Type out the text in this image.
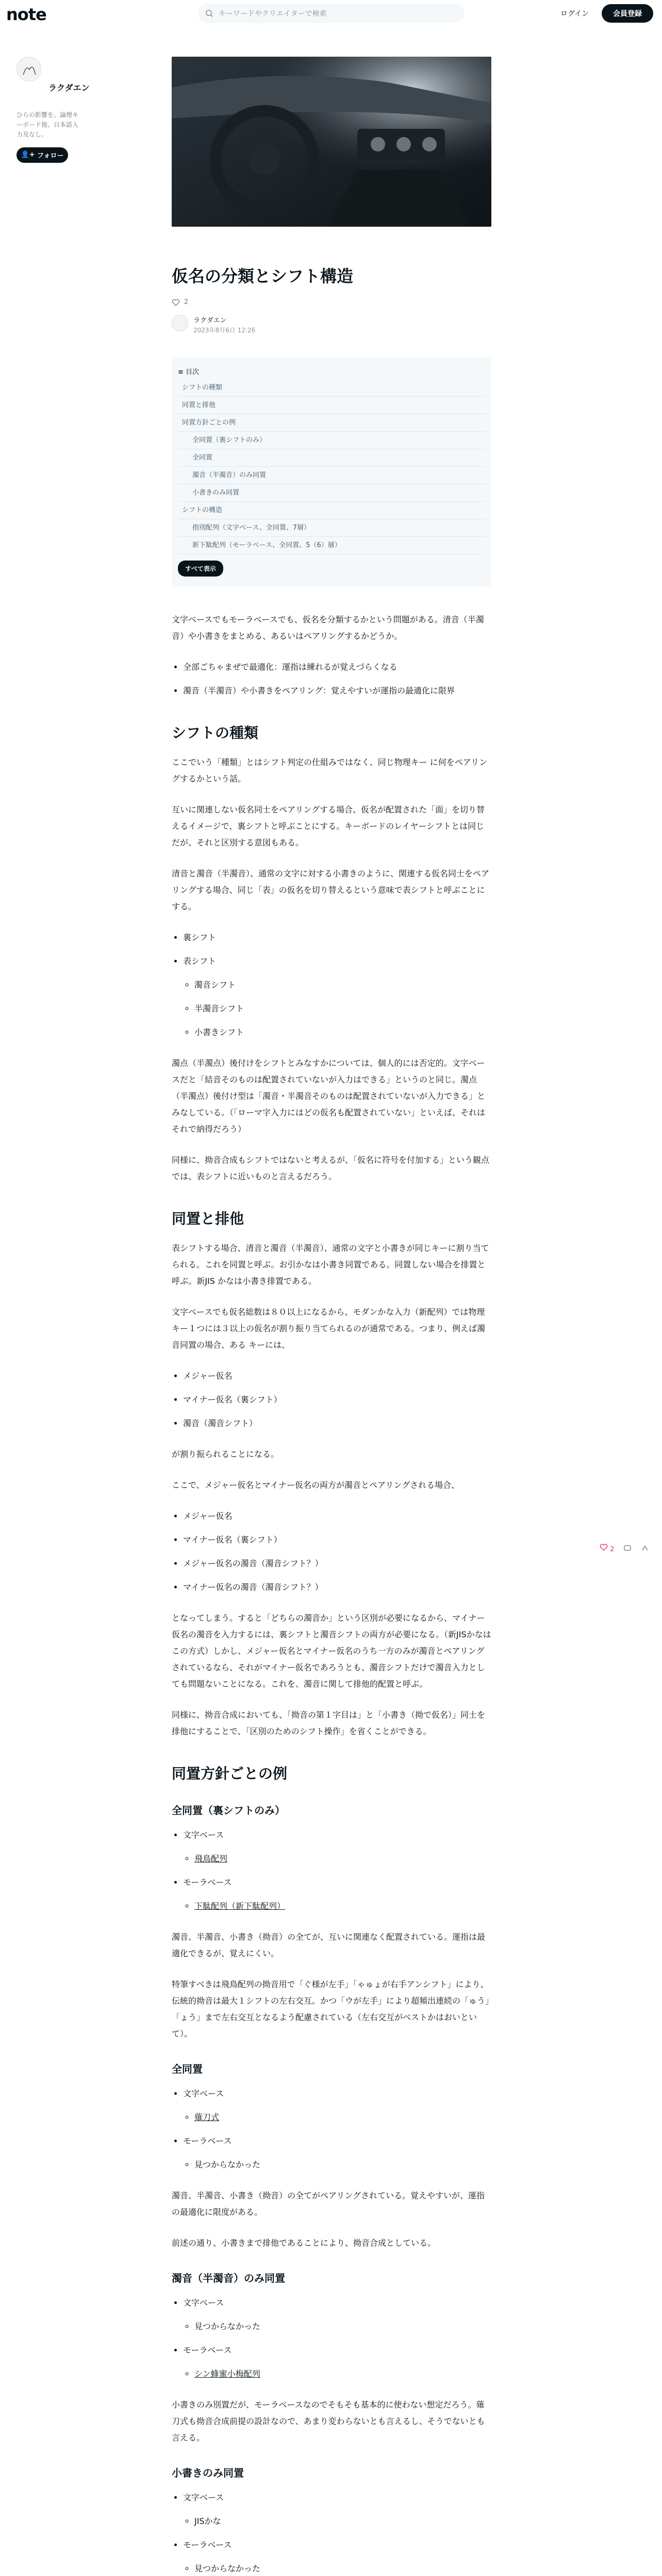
note	キーワードやクリエイターで検索	ログイン	会員登録
ラクダエン
ひらの影響を。論理キーボード他、日本語入力及なし。
👤+ フォロー
仮名の分類とシフト構造
2
ラクダエン
2023年8月6日 12:26
≡ 目次
シフトの種類
同置と排他
同置方針ごとの例
全同置（裏シフトのみ）
全同置
濁音（半濁音）のみ同置
小書きのみ同置
シフトの構造
指別配列（文字ベース、全同置、7層）
新下駄配列（モーラベース、全同置、5（6）層）
すべて表示

文字ベースでもモーラベースでも、仮名を分類するかという問題がある。清音（半濁音）や小書きをまとめる、あるいはペアリングするかどうか。

• 全部ごちゃまぜで最適化：運指は練れるが覚えづらくなる
• 濁音（半濁音）や小書きをペアリング：覚えやすいが運指の最適化に限界
シフトの種類

ここでいう「種類」とはシフト判定の仕組みではなく、同じ物理キー に何をペアリングするかという話。

互いに関連しない仮名同士をペアリングする場合、仮名が配置された「面」を切り替えるイメージで、裏シフトと呼ぶことにする。キーボードのレイヤーシフトとは同じだが、それと区別する意図もある。

清音と濁音（半濁音）、通常の文字に対する小書きのように、関連する仮名同士をペアリングする場合、同じ「表」の仮名を切り替えるという意味で表シフトと呼ぶことにする。

• 裏シフト
• 表シフト
◦ 濁音シフト
◦ 半濁音シフト
◦ 小書きシフト

濁点（半濁点）後付けをシフトとみなすかについては、個人的には否定的。文字ベースだと「結音そのものは配置されていないが入力はできる」というのと同じ。濁点（半濁点）後付け型は「濁音・半濁音そのものは配置されていないが入力できる」とみなしている。（「ローマ字入力にはどの仮名も配置されていない」といえば、それはそれで納得だろう）

同様に、拗音合成もシフトではないと考えるが、「仮名に符号を付加する」という観点では、表シフトに近いものと言えるだろう。

同置と排他

表シフトする場合、清音と濁音（半濁音）、通常の文字と小書きが同じキーに割り当てられる。これを同置と呼ぶ。お引かなは小書き同置である。同置しない場合を排置と呼ぶ。新JIS かなは小書き排置である。

文字ベースでも仮名総数は８０以上になるから、モダンかな入力（新配列）では物理キー１つには３以上の仮名が割り振り当てられるのが通常である。つまり、例えば濁音同置の場合、ある キーには、

• メジャー仮名
• マイナー仮名（裏シフト）
• 濁音（濁音シフト）

が割り振られることになる。

ここで、メジャー仮名とマイナー仮名の両方が濁音とペアリングされる場合、

• メジャー仮名
• マイナー仮名（裏シフト）
• メジャー仮名の濁音（濁音シフト？）
• マイナー仮名の濁音（濁音シフト？）

となってしまう。すると「どちらの濁音か」という区別が必要になるから、マイナー仮名の濁音を入力するには、裏シフトと濁音シフトの両方が必要になる。（新JISかなはこの方式）しかし、メジャー仮名とマイナー仮名のうち一方のみが濁音とペアリングされているなら、それがマイナー仮名であろうとも、濁音シフトだけで濁音入力としても問題ないことになる。これを、濁音に関して排他的配置と呼ぶ。

同様に、拗音合成においても、「拗音の第１字目は」と「小書き（拗で仮名）」同士を排他にすることで、「区別のためのシフト操作」を省くことができる。

同置方針ごとの例
全同置（裏シフトのみ）
• 文字ベース
◦ 飛鳥配列
• モーラベース
◦ 下駄配列（新下駄配列）

濁音、半濁音、小書き（拗音）の全てが、互いに関連なく配置されている。運指は最適化できるが、覚えにくい。

特筆すべきは飛鳥配列の拗音用で「ぐ様が左手」「ゃゅょが右手アンシフト」により、伝統的拗音は最大１シフトの左右交互。かつ「ウが左手」により超頻出連続の「ゅう」「ょう」まで左右交互となるよう配慮されている（左右交互がベストかはおいといて）。

全同置
• 文字ベース
◦ 薙刀式
• モーラベース
◦ 見つからなかった

濁音、半濁音、小書き（拗音）の全てがペアリングされている。覚えやすいが、運指の最適化に限度がある。

前述の通り、小書きまで排他であることにより、拗音合成としている。

濁音（半濁音）のみ同置
• 文字ベース
◦ 見つからなかった
• モーラベース
◦ シン蜂蜜小梅配列

小書きのみ別置だが、モーラベースなのでそもそも基本的に使わない想定だろう。薙刀式も拗音合成前提の設計なので、あまり変わらないとも言えるし、そうでないとも言える。

小書きのみ同置
• 文字ベース
◦ JISかな
• モーラベース
◦ 見つからなかった

2
